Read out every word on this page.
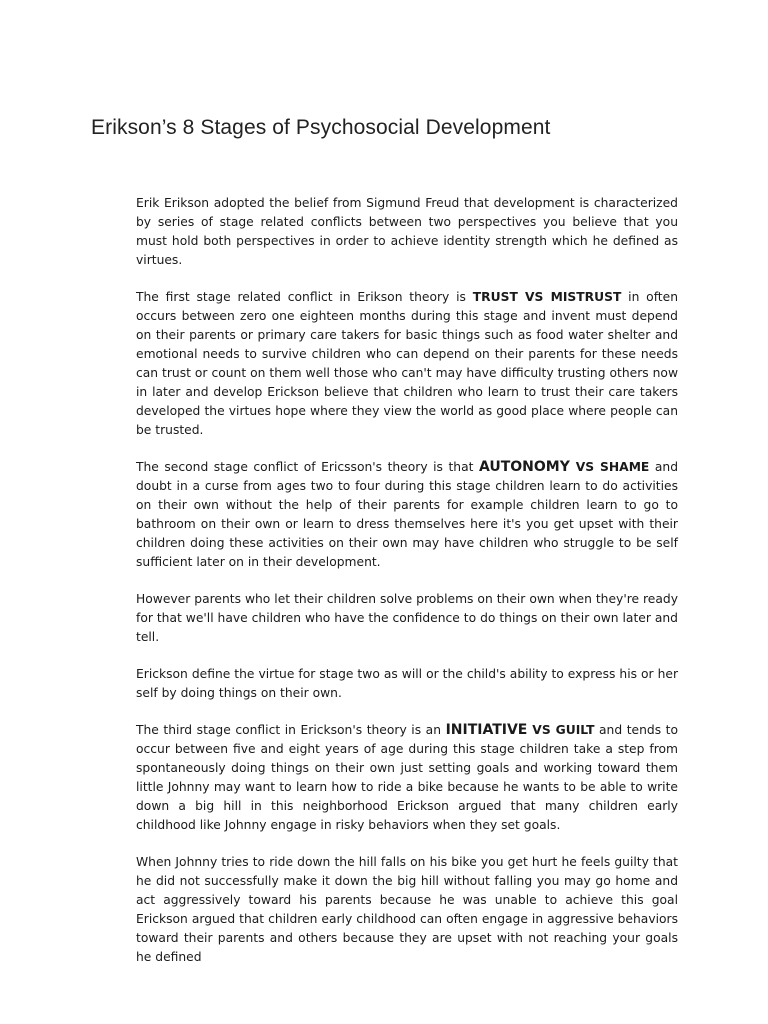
Erikson’s 8 Stages of Psychosocial Development

Erik Erikson adopted the belief from Sigmund Freud that development is characterized by series of stage related conflicts between two perspectives you believe that you must hold both perspectives in order to achieve identity strength which he defined as virtues.

The first stage related conflict in Erikson theory is TRUST VS MISTRUST in often occurs between zero one eighteen months during this stage and invent must depend on their parents or primary care takers for basic things such as food water shelter and emotional needs to survive children who can depend on their parents for these needs can trust or count on them well those who can't may have difficulty trusting others now in later and develop Erickson believe that children who learn to trust their care takers developed the virtues hope where they view the world as good place where people can be trusted.

The second stage conflict of Ericsson's theory is that AUTONOMY VS SHAME and doubt in a curse from ages two to four during this stage children learn to do activities on their own without the help of their parents for example children learn to go to bathroom on their own or learn to dress themselves here it's you get upset with their children doing these activities on their own may have children who struggle to be self sufficient later on in their development.

However parents who let their children solve problems on their own when they're ready for that we'll have children who have the confidence to do things on their own later and tell.

Erickson define the virtue for stage two as will or the child's ability to express his or her self by doing things on their own.

The third stage conflict in Erickson's theory is an INITIATIVE VS GUILT and tends to occur between five and eight years of age during this stage children take a step from spontaneously doing things on their own just setting goals and working toward them little Johnny may want to learn how to ride a bike because he wants to be able to write down a big hill in this neighborhood Erickson argued that many children early childhood like Johnny engage in risky behaviors when they set goals.

When Johnny tries to ride down the hill falls on his bike you get hurt he feels guilty that he did not successfully make it down the big hill without falling you may go home and act aggressively toward his parents because he was unable to achieve this goal Erickson argued that children early childhood can often engage in aggressive behaviors toward their parents and others because they are upset with not reaching your goals he defined
